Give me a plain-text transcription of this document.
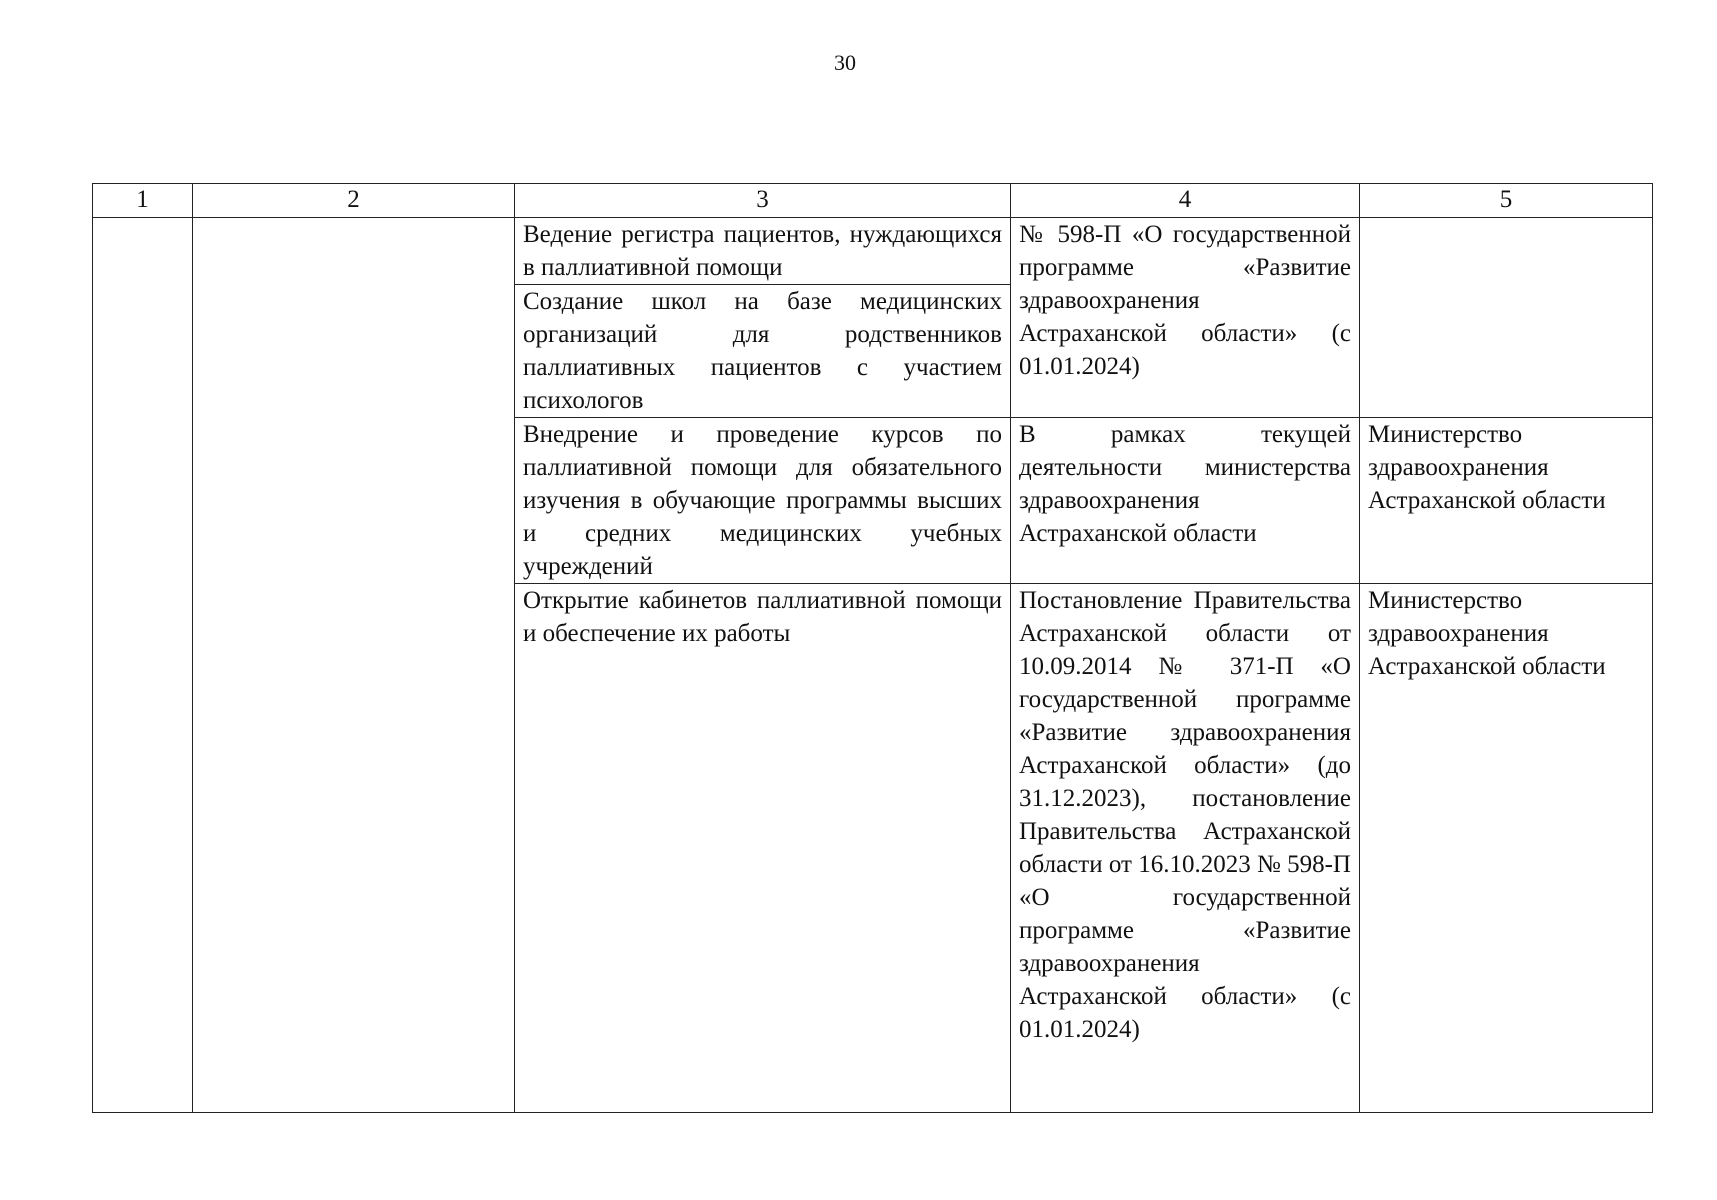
30
1	2	3	4	5
		Ведение регистра пациентов, нуждающихся в паллиативной помощи	№ 598-П «О государственной программе «Развитие здравоохранения Астраханской области» (с 01.01.2024)	
		Создание школ на базе медицинских организаций для родственников паллиативных пациентов с участием психологов		
		Внедрение и проведение курсов по паллиативной помощи для обязательного изучения в обучающие программы высших и средних медицинских учебных учреждений	В рамках текущей деятельности министерства здравоохранения Астраханской области	Министерство здравоохранения Астраханской области
		Открытие кабинетов паллиативной помощи и обеспечение их работы	Постановление Правительства Астраханской области от 10.09.2014 № 371-П «О государственной программе «Развитие здравоохранения Астраханской области» (до 31.12.2023), постановление Правительства Астраханской области от 16.10.2023 № 598-П «О государственной программе «Развитие здравоохранения Астраханской области» (с 01.01.2024)	Министерство здравоохранения Астраханской области
